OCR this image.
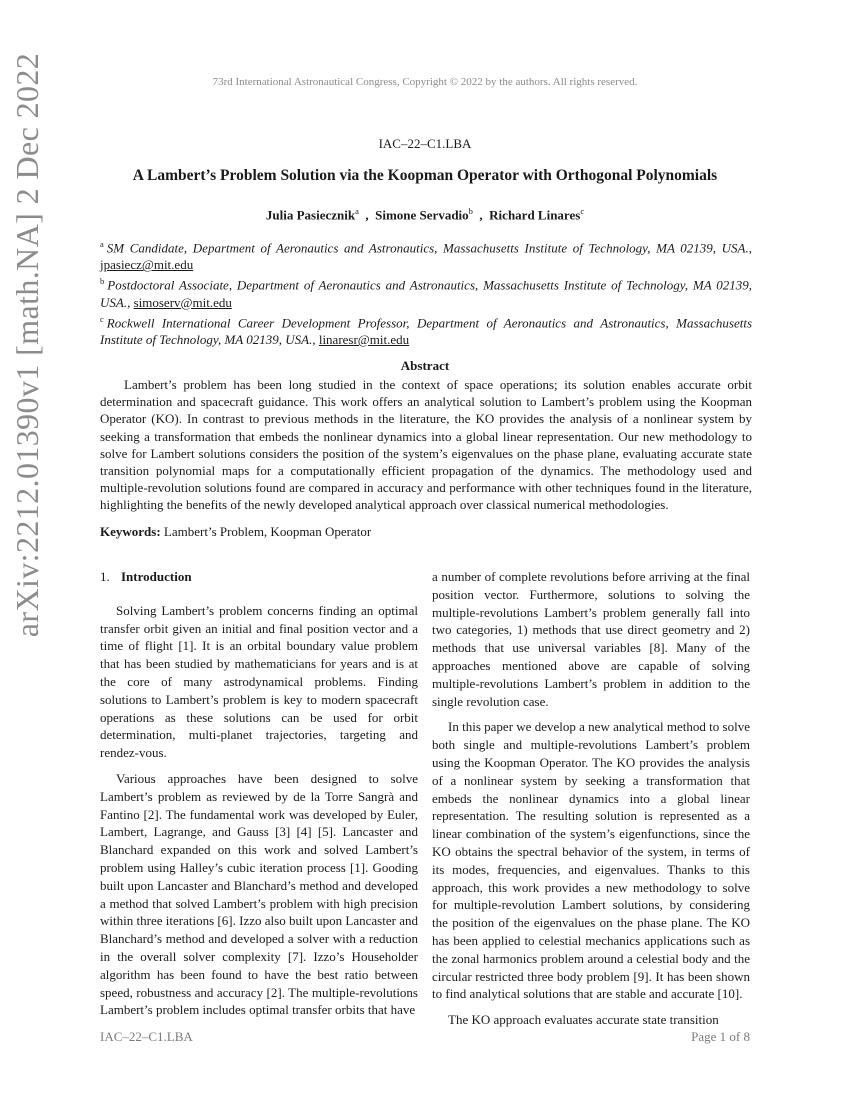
73rd International Astronautical Congress, Copyright © 2022 by the authors. All rights reserved.
arXiv:2212.01390v1 [math.NA] 2 Dec 2022	IAC–22–C1.LBA
A Lambert’s Problem Solution via the Koopman Operator with Orthogonal Polynomials
Julia Pasiecznik$^a$  ,  Simone Servadio$^b$  ,  Richard Linares$^c$

$^a$ SM Candidate, Department of Aeronautics and Astronautics, Massachusetts Institute of Technology, MA 02139, USA., jpasiecz@mit.edu

$^b$ Postdoctoral Associate, Department of Aeronautics and Astronautics, Massachusetts Institute of Technology, MA 02139, USA., simoserv@mit.edu

$^c$ Rockwell International Career Development Professor, Department of Aeronautics and Astronautics, Massachusetts Institute of Technology, MA 02139, USA., linaresr@mit.edu

Abstract

Lambert’s problem has been long studied in the context of space operations; its solution enables accurate orbit determination and spacecraft guidance. This work offers an analytical solution to Lambert’s problem using the Koopman Operator (KO). In contrast to previous methods in the literature, the KO provides the analysis of a nonlinear system by seeking a transformation that embeds the nonlinear dynamics into a global linear representation. Our new methodology to solve for Lambert solutions considers the position of the system’s eigenvalues on the phase plane, evaluating accurate state transition polynomial maps for a computationally efficient propagation of the dynamics. The methodology used and multiple-revolution solutions found are compared in accuracy and performance with other techniques found in the literature, highlighting the benefits of the newly developed analytical approach over classical numerical methodologies.

Keywords: Lambert’s Problem, Koopman Operator
1. Introduction

Solving Lambert’s problem concerns finding an optimal transfer orbit given an initial and final position vector and a time of flight [1]. It is an orbital boundary value problem that has been studied by mathematicians for years and is at the core of many astrodynamical problems. Finding solutions to Lambert’s problem is key to modern spacecraft operations as these solutions can be used for orbit determination, multi-planet trajectories, targeting and rendez-vous.

Various approaches have been designed to solve Lambert’s problem as reviewed by de la Torre Sangrà and Fantino [2]. The fundamental work was developed by Euler, Lambert, Lagrange, and Gauss [3] [4] [5]. Lancaster and Blanchard expanded on this work and solved Lambert’s problem using Halley’s cubic iteration process [1]. Gooding built upon Lancaster and Blanchard’s method and developed a method that solved Lambert’s problem with high precision within three iterations [6]. Izzo also built upon Lancaster and Blanchard’s method and developed a solver with a reduction in the overall solver complexity [7]. Izzo’s Householder algorithm has been found to have the best ratio between speed, robustness and accuracy [2]. The multiple-revolutions Lambert’s problem includes optimal transfer orbits that have

a number of complete revolutions before arriving at the final position vector. Furthermore, solutions to solving the multiple-revolutions Lambert’s problem generally fall into two categories, 1) methods that use direct geometry and 2) methods that use universal variables [8]. Many of the approaches mentioned above are capable of solving multiple-revolutions Lambert’s problem in addition to the single revolution case.

In this paper we develop a new analytical method to solve both single and multiple-revolutions Lambert’s problem using the Koopman Operator. The KO provides the analysis of a nonlinear system by seeking a transformation that embeds the nonlinear dynamics into a global linear representation. The resulting solution is represented as a linear combination of the system’s eigenfunctions, since the KO obtains the spectral behavior of the system, in terms of its modes, frequencies, and eigenvalues. Thanks to this approach, this work provides a new methodology to solve for multiple-revolution Lambert solutions, by considering the position of the eigenvalues on the phase plane. The KO has been applied to celestial mechanics applications such as the zonal harmonics problem around a celestial body and the circular restricted three body problem [9]. It has been shown to find analytical solutions that are stable and accurate [10].

The KO approach evaluates accurate state transition

IAC–22–C1.LBA	Page 1 of 8
